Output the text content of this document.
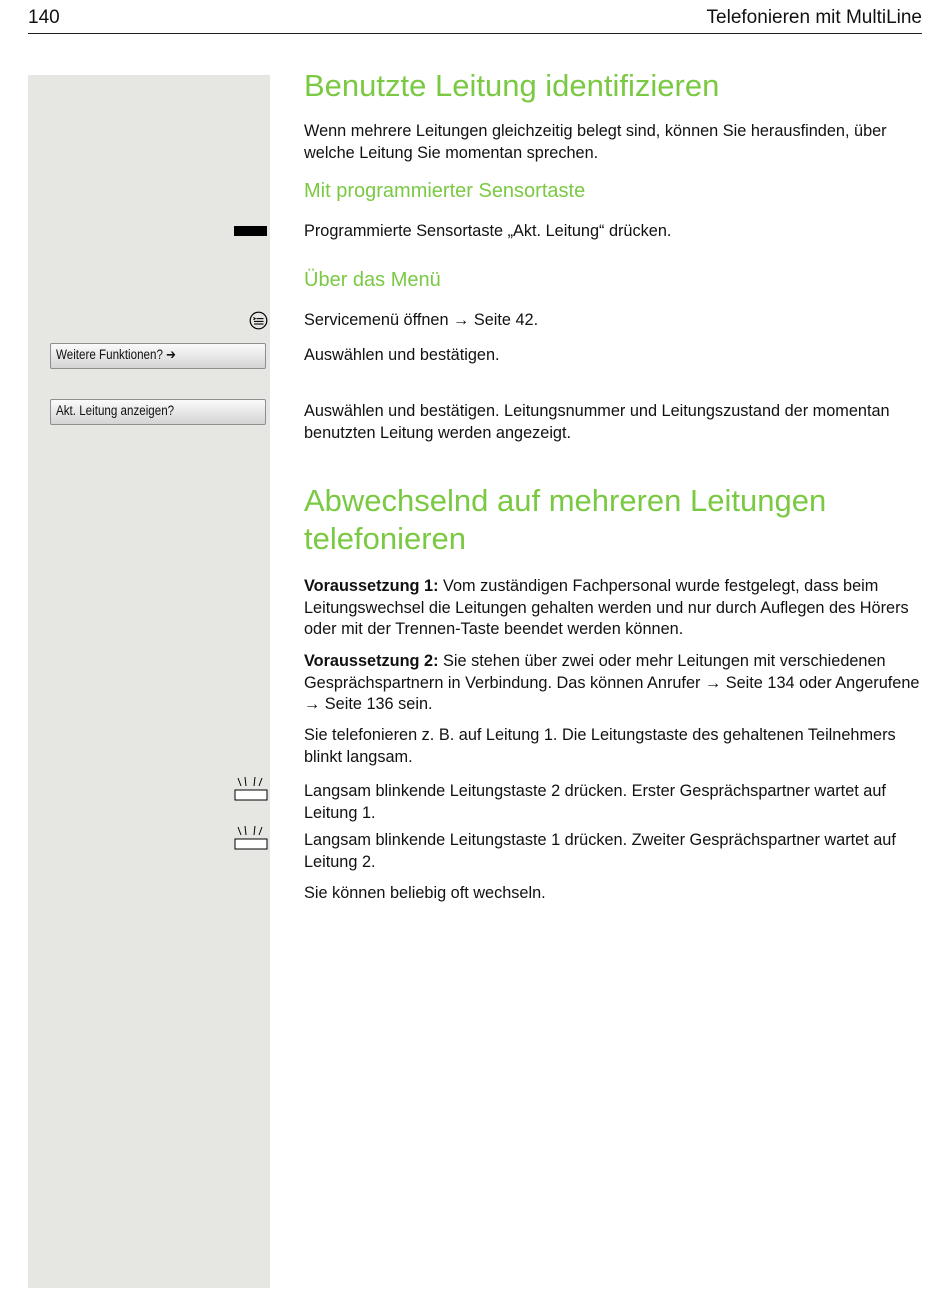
140	Telefonieren mit MultiLine
Benutzte Leitung identifizieren

Wenn mehrere Leitungen gleichzeitig belegt sind, können Sie herausfinden, über welche Leitung Sie momentan sprechen.

Mit programmierter Sensortaste

Programmierte Sensortaste „Akt. Leitung“ drücken.

Über das Menü

Servicemenü öffnen → Seite 42.

Weitere Funktionen? ➔	Auswählen und bestätigen.

Akt. Leitung anzeigen?	Auswählen und bestätigen. Leitungsnummer und Leitungszustand der momentan benutzten Leitung werden angezeigt.

Abwechselnd auf mehreren Leitungen telefonieren

Voraussetzung 1: Vom zuständigen Fachpersonal wurde festgelegt, dass beim Leitungswechsel die Leitungen gehalten werden und nur durch Auflegen des Hörers oder mit der Trennen-Taste beendet werden können.

Voraussetzung 2: Sie stehen über zwei oder mehr Leitungen mit verschiedenen Gesprächspartnern in Verbindung. Das können Anrufer → Seite 134 oder Angerufene → Seite 136 sein.

Sie telefonieren z. B. auf Leitung 1. Die Leitungstaste des gehaltenen Teilnehmers blinkt langsam.

Langsam blinkende Leitungstaste 2 drücken. Erster Gesprächspartner wartet auf Leitung 1.

Langsam blinkende Leitungstaste 1 drücken. Zweiter Gesprächspartner wartet auf Leitung 2.

Sie können beliebig oft wechseln.
